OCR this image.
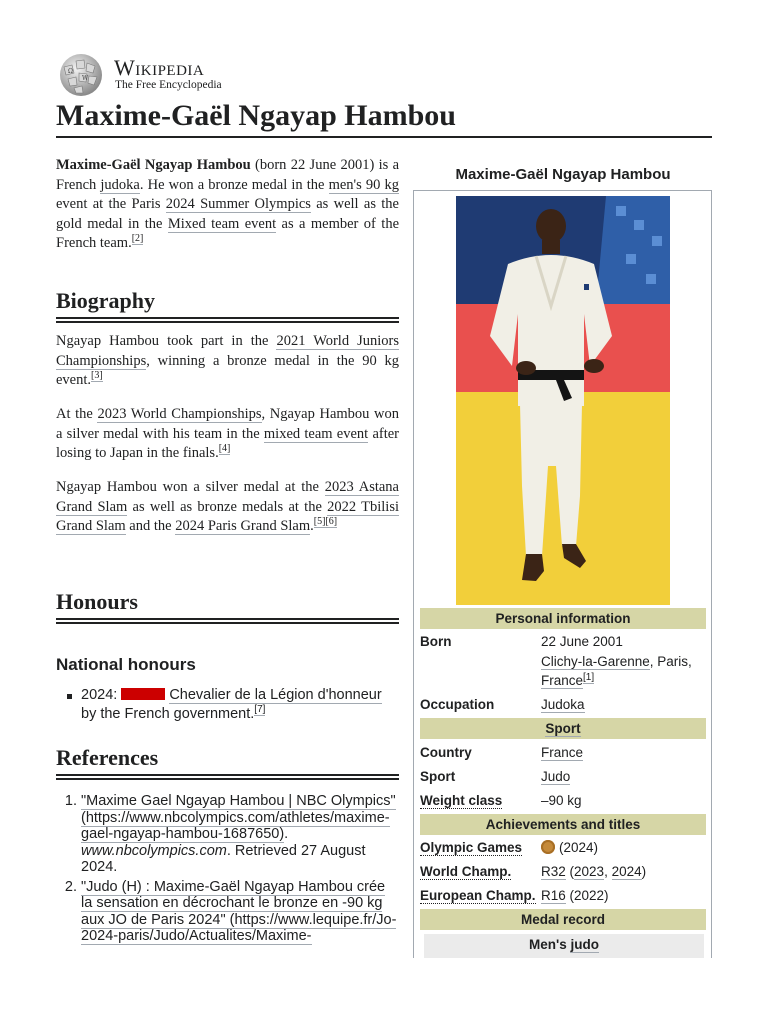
Ω
W Wikipedia
The Free Encyclopedia
Maxime-Gaël Ngayap Hambou

Maxime-Gaël Ngayap Hambou (born 22 June 2001) is a French judoka. He won a bronze medal in the men's 90 kg event at the Paris 2024 Summer Olympics as well as the gold medal in the Mixed team event as a member of the French team.[2]

Biography

Ngayap Hambou took part in the 2021 World Juniors Championships, winning a bronze medal in the 90 kg event.[3]

At the 2023 World Championships, Ngayap Hambou won a silver medal with his team in the mixed team event after losing to Japan in the finals.[4]

Ngayap Hambou won a silver medal at the 2023 Astana Grand Slam as well as bronze medals at the 2022 Tbilisi Grand Slam and the 2024 Paris Grand Slam.[5][6]

Honours
National honours
2024:	Chevalier de la Légion d'honneur by the French government.[7]
References
1. "Maxime Gael Ngayap Hambou | NBC Olympics" (https://www.nbcolympics.com/athletes/maxime-gael-ngayap-hambou-1687650). www.nbcolympics.com. Retrieved 27 August 2024.
2. "Judo (H) : Maxime-Gaël Ngayap Hambou crée la sensation en décrochant le bronze en -90 kg aux JO de Paris 2024" (https://www.lequipe.fr/Jo-2024-paris/Judo/Actualites/Maxime-
Maxime-Gaël Ngayap Hambou
Personal information
Born	22 June 2001
Clichy-la-Garenne, Paris, France[1]
Occupation	Judoka
Sport
Country	France
Sport	Judo
Weight class	–90 kg
Achievements and titles
Olympic Games	(2024)
World Champ. R32 (2023, 2024)
European Champ. R16 (2022)
Medal record
Men's judo
